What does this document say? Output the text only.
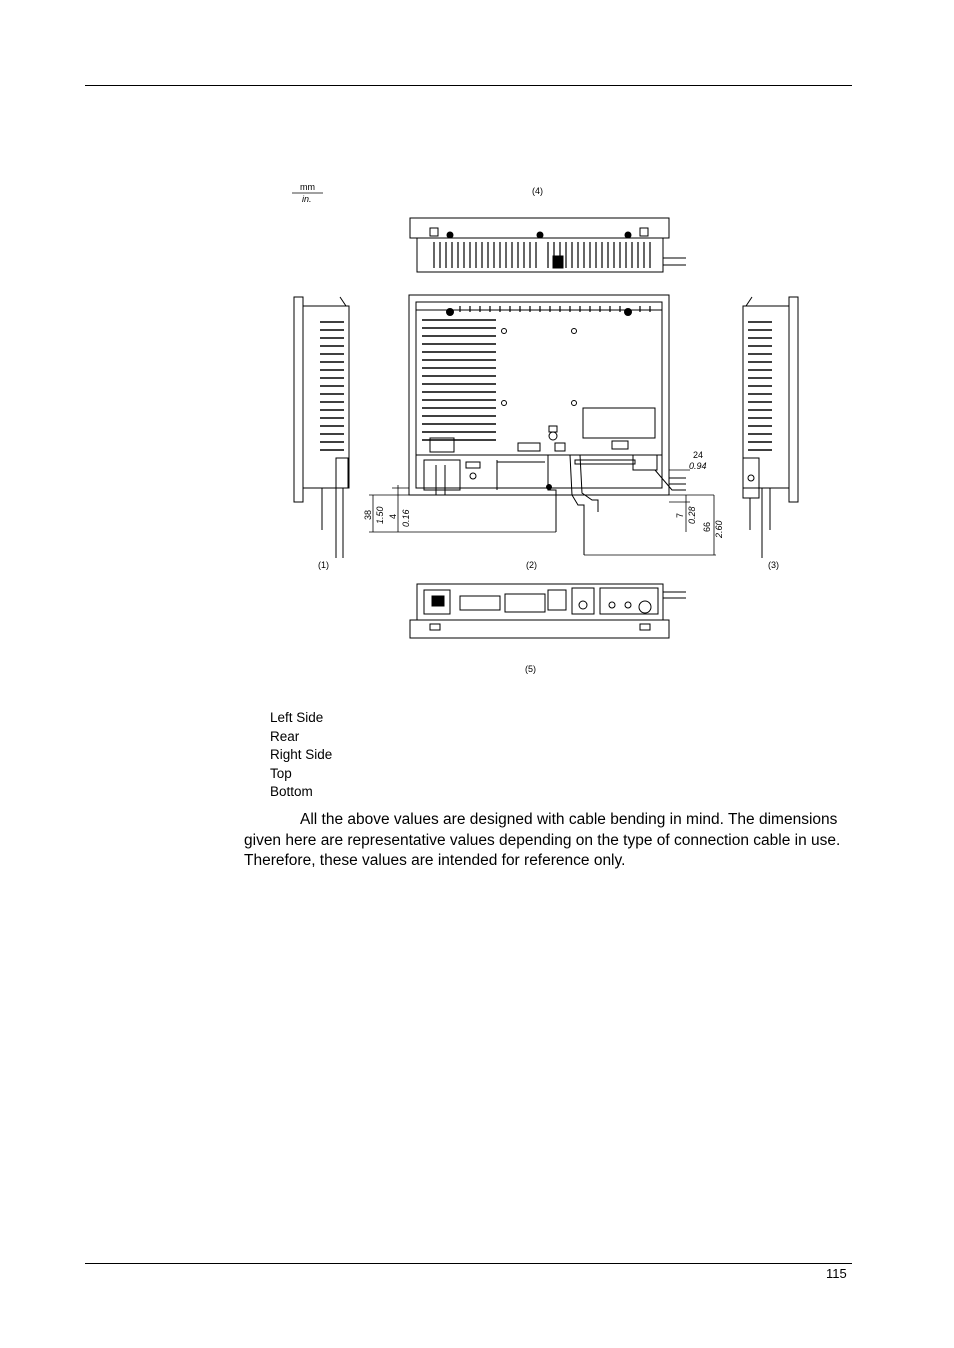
mm
in.
(4)
(1)	(2)	(3)
(5)
24
0.94
38 1.50 4 0.16	7 0.28
66 2.60
Left Side
Rear
Right Side
Top
Bottom

All the above values are designed with cable bending in mind. The dimensions given here are representative values depending on the type of connection cable in use. Therefore, these values are intended for reference only.

115
